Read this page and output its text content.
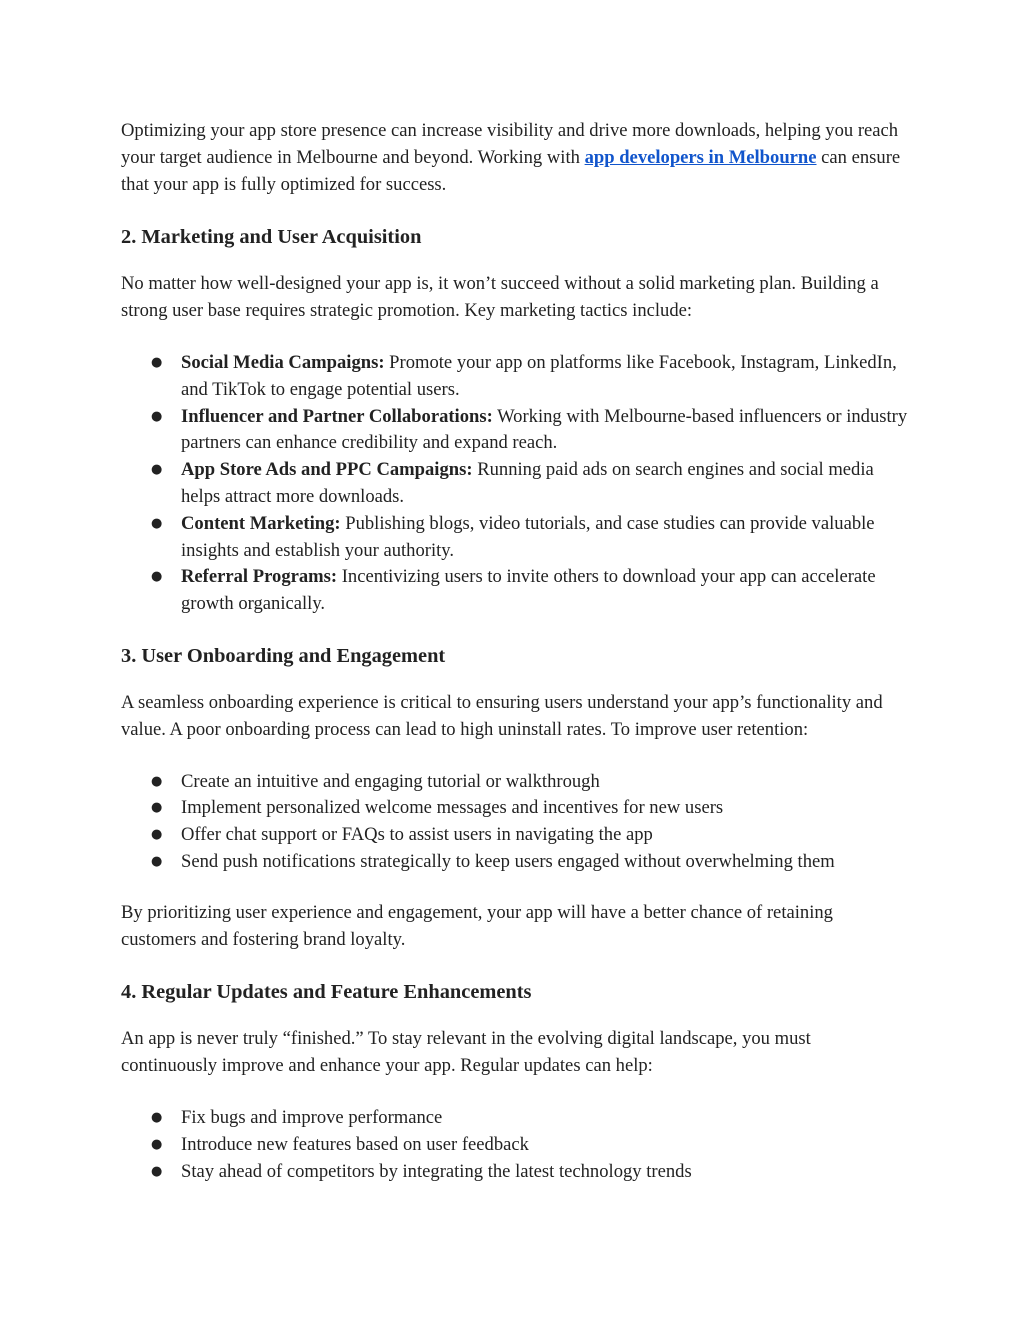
Optimizing your app store presence can increase visibility and drive more downloads, helping you reach your target audience in Melbourne and beyond. Working with app developers in Melbourne can ensure that your app is fully optimized for success.

2. Marketing and User Acquisition

No matter how well-designed your app is, it won’t succeed without a solid marketing plan. Building a strong user base requires strategic promotion. Key marketing tactics include:

● Social Media Campaigns: Promote your app on platforms like Facebook, Instagram, LinkedIn, and TikTok to engage potential users.
● Influencer and Partner Collaborations: Working with Melbourne-based influencers or industry partners can enhance credibility and expand reach.
● App Store Ads and PPC Campaigns: Running paid ads on search engines and social media helps attract more downloads.
● Content Marketing: Publishing blogs, video tutorials, and case studies can provide valuable insights and establish your authority.
● Referral Programs: Incentivizing users to invite others to download your app can accelerate growth organically.
3. User Onboarding and Engagement

A seamless onboarding experience is critical to ensuring users understand your app’s functionality and value. A poor onboarding process can lead to high uninstall rates. To improve user retention:

● Create an intuitive and engaging tutorial or walkthrough
● Implement personalized welcome messages and incentives for new users
● Offer chat support or FAQs to assist users in navigating the app
● Send push notifications strategically to keep users engaged without overwhelming them

By prioritizing user experience and engagement, your app will have a better chance of retaining customers and fostering brand loyalty.

4. Regular Updates and Feature Enhancements

An app is never truly “finished.” To stay relevant in the evolving digital landscape, you must continuously improve and enhance your app. Regular updates can help:

● Fix bugs and improve performance
● Introduce new features based on user feedback
● Stay ahead of competitors by integrating the latest technology trends
